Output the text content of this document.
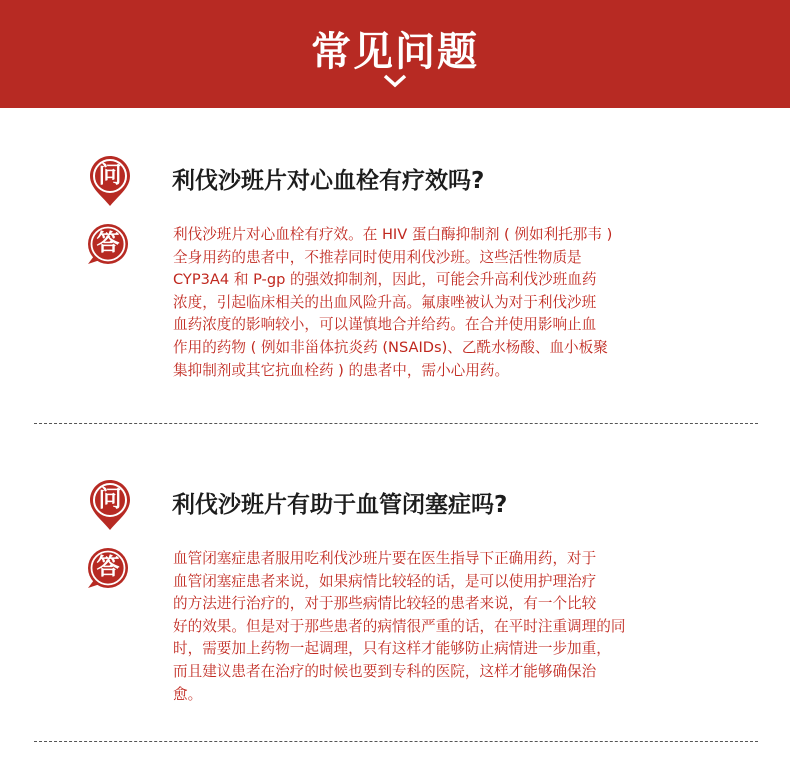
常见问题
问	利伐沙班片对心血栓有疗效吗?
答	利伐沙班片对心血栓有疗效。在 HIV 蛋白酶抑制剂 ( 例如利托那韦 )
全身用药的患者中，不推荐同时使用利伐沙班。这些活性物质是
CYP3A4 和 P-gp 的强效抑制剂，因此，可能会升高利伐沙班血药
浓度，引起临床相关的出血风险升高。氟康唑被认为对于利伐沙班
血药浓度的影响较小，可以谨慎地合并给药。在合并使用影响止血
作用的药物 ( 例如非甾体抗炎药 (NSAIDs)、乙酰水杨酸、血小板聚
集抑制剂或其它抗血栓药 ) 的患者中，需小心用药。
问	利伐沙班片有助于血管闭塞症吗?
答	血管闭塞症患者服用吃利伐沙班片要在医生指导下正确用药，对于
血管闭塞症患者来说，如果病情比较轻的话，是可以使用护理治疗
的方法进行治疗的，对于那些病情比较轻的患者来说，有一个比较
好的效果。但是对于那些患者的病情很严重的话，在平时注重调理的同
时，需要加上药物一起调理，只有这样才能够防止病情进一步加重，
而且建议患者在治疗的时候也要到专科的医院，这样才能够确保治
愈。
